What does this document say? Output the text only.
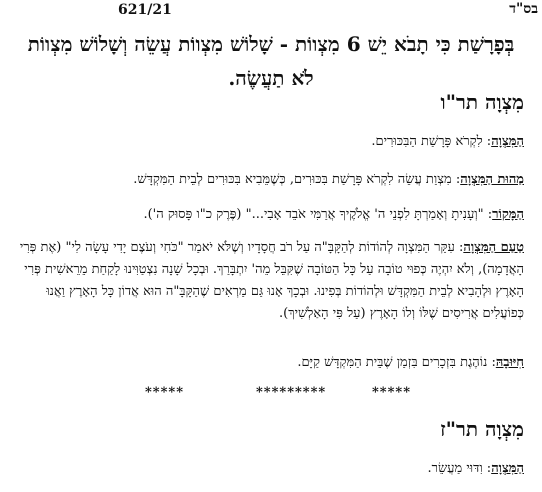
621/21	בס"ד
בְּפָרָשַׁת כִּי תָבֹא יֵשׁ 6 מִצְווֹת - שָׁלוֹשׁ מִצְווֹת עֲשֵׂה וְשָׁלוֹשׁ מִצְווֹת לֹא תַעֲשֶׂה.
מִצְוָה תר"ו
הַמִּצְוָה: לִקְרֹא פָּרָשַׁת הַבִּכּוּרִים.
מַהוּת הַמִּצְוָה: מִצְוַת עֲשֵׂה לִקְרֹא פָּרָשַׁת בִּכּוּרִים, כְּשֶׁמֵּבִיא בִּכּוּרִים לְבֵית הַמִּקְדָּשׁ.
הַמָּקוֹר: "וְעָנִיתָ וְאָמַרְתָּ לִפְנֵי ה' אֱלֹקֶיךָ אֲרַמִּי אֹבֵד אָבִי..." (פֶּרֶק כ"ו פָּסוּק ה').
טַעַם הַמִּצְוָה: עִקַּר הַמִּצְוָה לְהוֹדוֹת לְהַקָּבָּ"ה עַל רֹב חֲסָדָיו וְשֶׁלֹּא יֹאמַר "כֹּחִי וְעֹצֶם יָדִי עָשָׂה לִי" (אֶת פְּרִי הָאֲדָמָה), וְלֹא יִהְיֶה כְּפוּי טוֹבָה עַל כָּל הַטּוֹבָה שֶׁקִּבֵּל מֵה' יִתְבָּרַךְ. וּבְכָל שָׁנָה נִצְטַוִּינוּ לָקַחַת מֵרֵאשִׁית פְּרִי הָאָרֶץ וּלְהָבִיא לְבֵית הַמִּקְדָּשׁ וּלְהוֹדוֹת בְּפִינוּ. וּבְכָךְ אָנוּ גַּם מַרְאִים שֶׁהַקָּבָּ"ה הוּא אֲדוֹן כָּל הָאָרֶץ וַאֲנוּ כְּפוֹעֲלִים אֲרִיסִים שֶׁלּוֹ וְלוֹ הָאָרֶץ (עַל פִּי הָאַלְשִׁיךְ).
חִיּוּבָהּ: נוֹהֶגֶת בִּזְכָרִים בִּזְמַן שֶׁבֵּית הַמִּקְדָּשׁ קַיָּם.
*****	*********	*****
מִצְוָה תר"ז
הַמִּצְוָה: וִדּוּי מַעֲשֵׂר.
